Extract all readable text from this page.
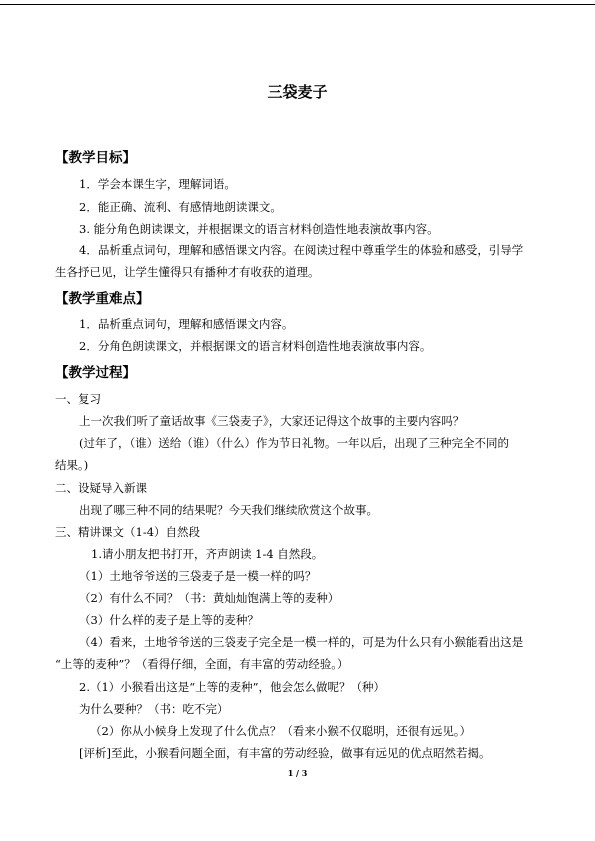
三袋麦子
【教学目标】
1．学会本课生字，理解词语。
2．能正确、流利、有感情地朗读课文。
3. 能分角色朗读课文，并根据课文的语言材料创造性地表演故事内容。
4．品析重点词句，理解和感悟课文内容。在阅读过程中尊重学生的体验和感受，引导学
生各抒已见，让学生懂得只有播种才有收获的道理。
【教学重难点】
1．品析重点词句，理解和感悟课文内容。
2．分角色朗读课文，并根据课文的语言材料创造性地表演故事内容。
【教学过程】
一、复习
上一次我们听了童话故事《三袋麦子》，大家还记得这个故事的主要内容吗？
(过年了，（谁）送给（谁）（什么）作为节日礼物。一年以后，出现了三种完全不同的
结果。)
二、设疑导入新课
出现了哪三种不同的结果呢？今天我们继续欣赏这个故事。
三、精讲课文（1-4）自然段
1.请小朋友把书打开，齐声朗读 1-4 自然段。
（1）土地爷爷送的三袋麦子是一模一样的吗？
（2）有什么不同？（书：黄灿灿饱满上等的麦种）
（3）什么样的麦子是上等的麦种？
（4）看来，土地爷爷送的三袋麦子完全是一模一样的，可是为什么只有小猴能看出这是
“上等的麦种”？（看得仔细，全面，有丰富的劳动经验。）
2.（1）小猴看出这是“上等的麦种”，他会怎么做呢？（种）
为什么要种？（书：吃不完）
（2）你从小候身上发现了什么优点？（看来小猴不仅聪明，还很有远见。）
[评析]至此，小猴看问题全面，有丰富的劳动经验，做事有远见的优点昭然若揭。
1 / 3
